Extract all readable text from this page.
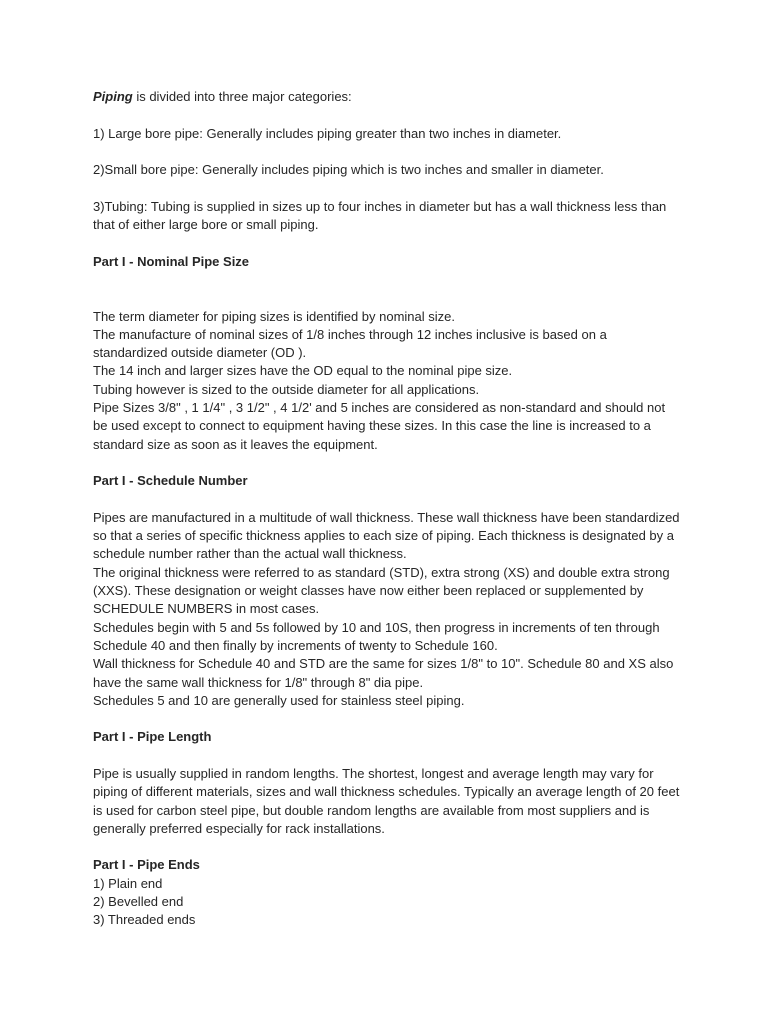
Piping is divided into three major categories:

1) Large bore pipe: Generally includes piping greater than two inches in diameter.

2)Small bore pipe: Generally includes piping which is two inches and smaller in diameter.

3)Tubing: Tubing is supplied in sizes up to four inches in diameter but has a wall thickness less than that of either large bore or small piping.

Part I - Nominal Pipe Size

The term diameter for piping sizes is identified by nominal size.

The manufacture of nominal sizes of 1/8 inches through 12 inches inclusive is based on a standardized outside diameter (OD ).

The 14 inch and larger sizes have the OD equal to the nominal pipe size.

Tubing however is sized to the outside diameter for all applications.

Pipe Sizes 3/8" , 1 1/4" , 3 1/2" , 4 1/2' and 5 inches are considered as non-standard and should not be used except to connect to equipment having these sizes. In this case the line is increased to a standard size as soon as it leaves the equipment.

Part I - Schedule Number

Pipes are manufactured in a multitude of wall thickness. These wall thickness have been standardized so that a series of specific thickness applies to each size of piping. Each thickness is designated by a schedule number rather than the actual wall thickness.

The original thickness were referred to as standard (STD), extra strong (XS) and double extra strong (XXS). These designation or weight classes have now either been replaced or supplemented by SCHEDULE NUMBERS in most cases.

Schedules begin with 5 and 5s followed by 10 and 10S, then progress in increments of ten through Schedule 40 and then finally by increments of twenty to Schedule 160.

Wall thickness for Schedule 40 and STD are the same for sizes 1/8" to 10". Schedule 80 and XS also have the same wall thickness for 1/8" through 8" dia pipe.

Schedules 5 and 10 are generally used for stainless steel piping.

Part I - Pipe Length

Pipe is usually supplied in random lengths. The shortest, longest and average length may vary for piping of different materials, sizes and wall thickness schedules. Typically an average length of 20 feet is used for carbon steel pipe, but double random lengths are available from most suppliers and is generally preferred especially for rack installations.

Part I - Pipe Ends

1) Plain end

2) Bevelled end

3) Threaded ends
